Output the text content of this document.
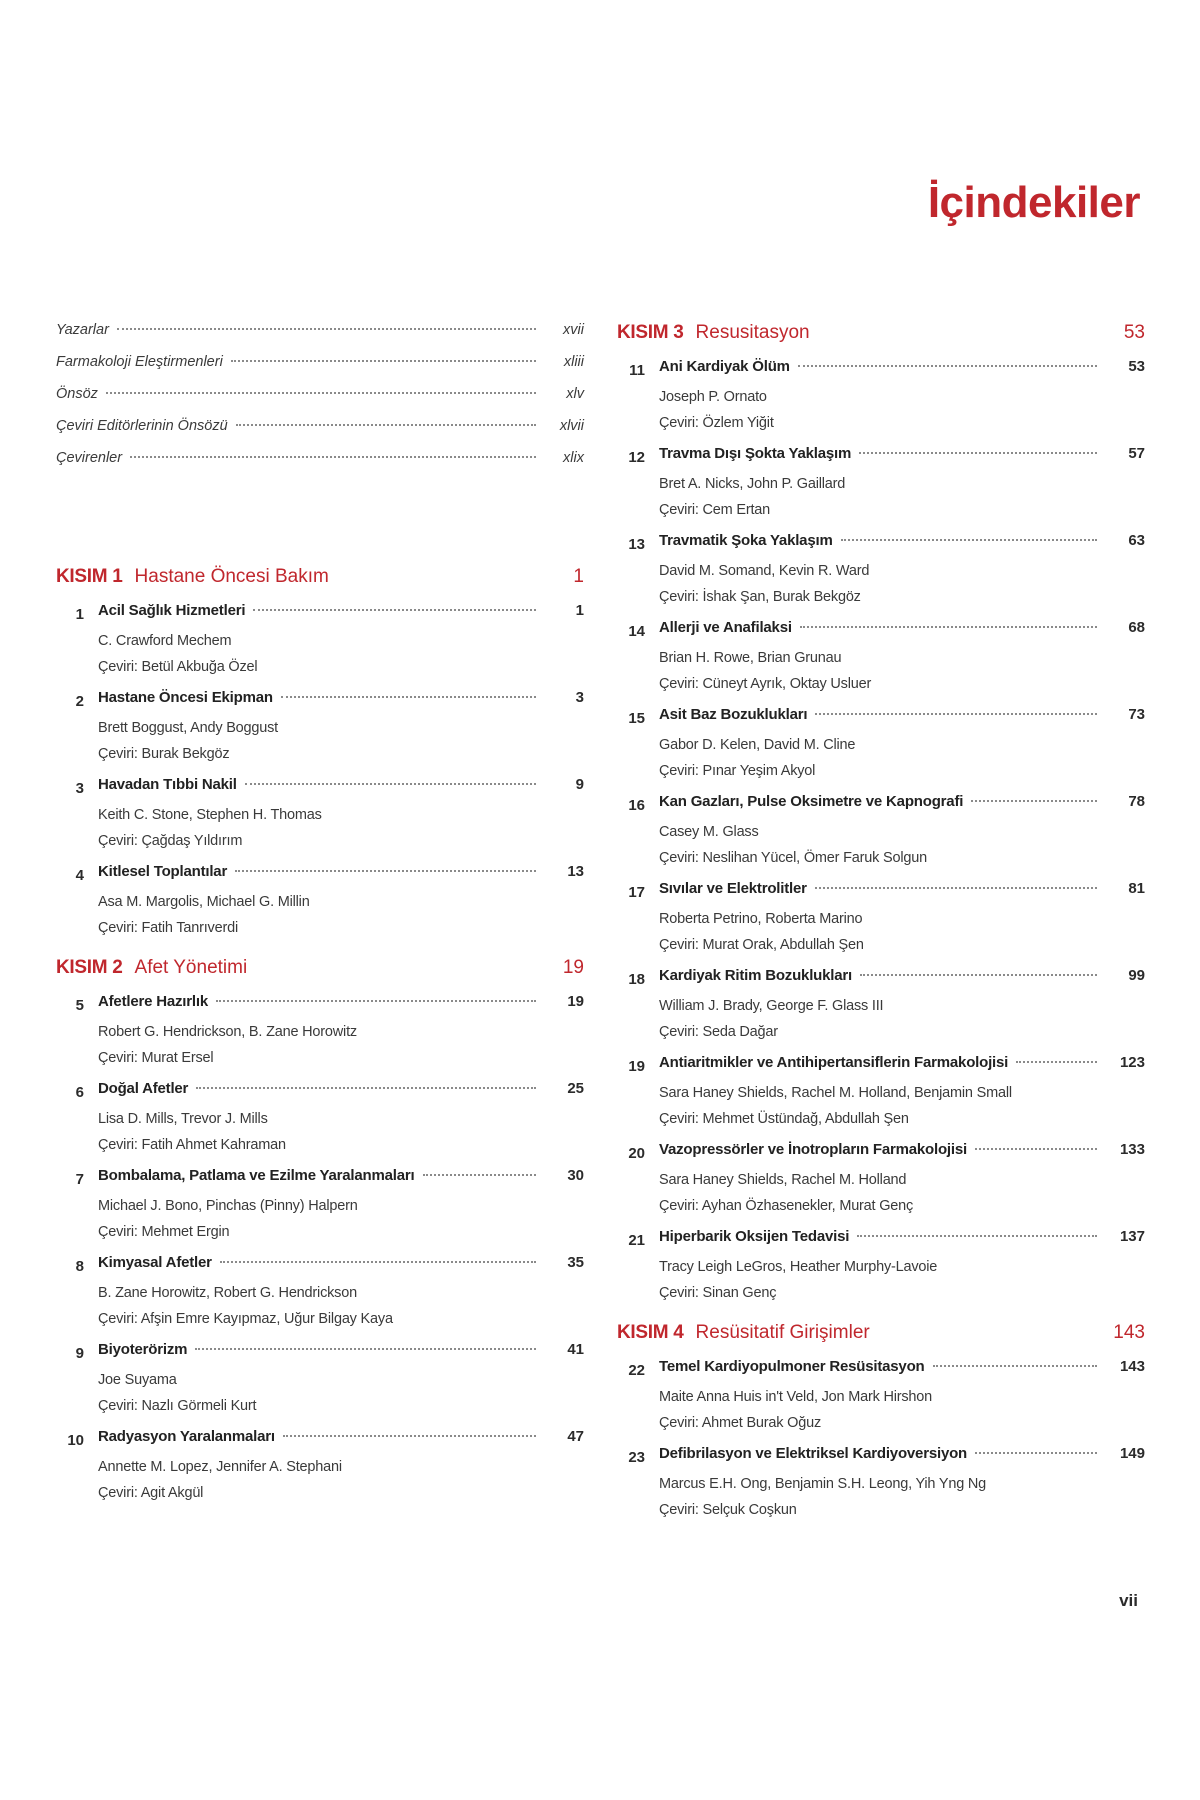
İçindekiler
Yazarlar	xvii
Farmakoloji Eleştirmenleri	xliii
Önsöz	xlv
Çeviri Editörlerinin Önsözü	xlvii
Çevirenler	xlix
KISIM 1 Hastane Öncesi Bakım	1
1 Acil Sağlık Hizmetleri	1
C. Crawford Mechem
Çeviri: Betül Akbuğa Özel
2 Hastane Öncesi Ekipman	3
Brett Boggust, Andy Boggust
Çeviri: Burak Bekgöz
3 Havadan Tıbbi Nakil	9
Keith C. Stone, Stephen H. Thomas
Çeviri: Çağdaş Yıldırım
4 Kitlesel Toplantılar	13
Asa M. Margolis, Michael G. Millin
Çeviri: Fatih Tanrıverdi
KISIM 2 Afet Yönetimi	19
5 Afetlere Hazırlık	19
Robert G. Hendrickson, B. Zane Horowitz
Çeviri: Murat Ersel
6 Doğal Afetler	25
Lisa D. Mills, Trevor J. Mills
Çeviri: Fatih Ahmet Kahraman
7 Bombalama, Patlama ve Ezilme Yaralanmaları	30
Michael J. Bono, Pinchas (Pinny) Halpern
Çeviri: Mehmet Ergin
8 Kimyasal Afetler	35
B. Zane Horowitz, Robert G. Hendrickson
Çeviri: Afşin Emre Kayıpmaz, Uğur Bilgay Kaya
9 Biyoterörizm	41
Joe Suyama
Çeviri: Nazlı Görmeli Kurt
10 Radyasyon Yaralanmaları	47
Annette M. Lopez, Jennifer A. Stephani
Çeviri: Agit Akgül
KISIM 3 Resusitasyon	53
11 Ani Kardiyak Ölüm	53
Joseph P. Ornato
Çeviri: Özlem Yiğit
12 Travma Dışı Şokta Yaklaşım	57
Bret A. Nicks, John P. Gaillard
Çeviri: Cem Ertan
13 Travmatik Şoka Yaklaşım	63
David M. Somand, Kevin R. Ward
Çeviri: İshak Şan, Burak Bekgöz
14 Allerji ve Anafilaksi	68
Brian H. Rowe, Brian Grunau
Çeviri: Cüneyt Ayrık, Oktay Usluer
15 Asit Baz Bozuklukları	73
Gabor D. Kelen, David M. Cline
Çeviri: Pınar Yeşim Akyol
16 Kan Gazları, Pulse Oksimetre ve Kapnografi	78
Casey M. Glass
Çeviri: Neslihan Yücel, Ömer Faruk Solgun
17 Sıvılar ve Elektrolitler	81
Roberta Petrino, Roberta Marino
Çeviri: Murat Orak, Abdullah Şen
18 Kardiyak Ritim Bozuklukları	99
William J. Brady, George F. Glass III
Çeviri: Seda Dağar
19 Antiaritmikler ve Antihipertansiflerin Farmakolojisi	123
Sara Haney Shields, Rachel M. Holland, Benjamin Small
Çeviri: Mehmet Üstündağ, Abdullah Şen
20 Vazopressörler ve İnotropların Farmakolojisi	133
Sara Haney Shields, Rachel M. Holland
Çeviri: Ayhan Özhasenekler, Murat Genç
21 Hiperbarik Oksijen Tedavisi	137
Tracy Leigh LeGros, Heather Murphy-Lavoie
Çeviri: Sinan Genç
KISIM 4 Resüsitatif Girişimler	143
22 Temel Kardiyopulmoner Resüsitasyon	143
Maite Anna Huis in't Veld, Jon Mark Hirshon
Çeviri: Ahmet Burak Oğuz
23 Defibrilasyon ve Elektriksel Kardiyoversiyon	149
Marcus E.H. Ong, Benjamin S.H. Leong, Yih Yng Ng
Çeviri: Selçuk Coşkun
vii
